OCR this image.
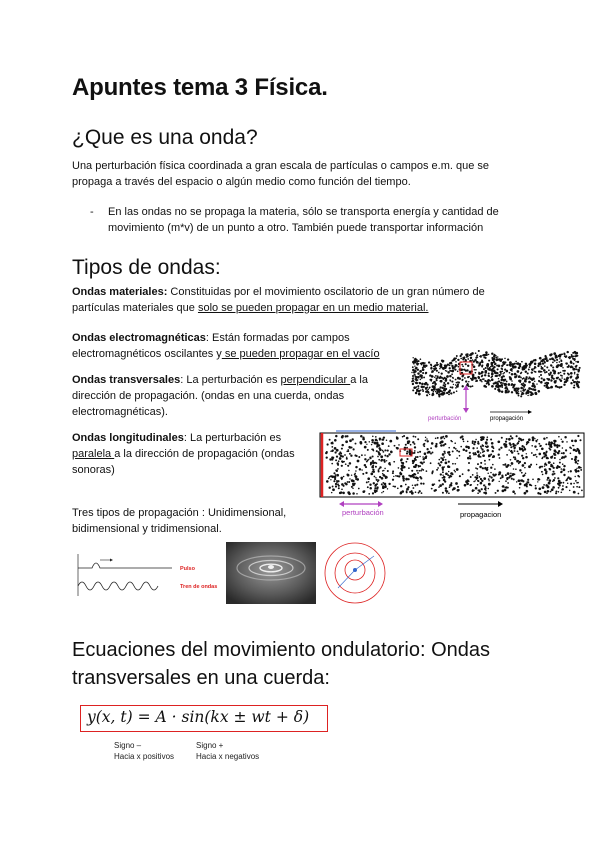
Apuntes tema 3 Física.
¿Que es una onda?
Una perturbación física coordinada a gran escala de partículas o campos e.m. que se
propaga a través del espacio o algún medio como función del tiempo.
- En las ondas no se propaga la materia, sólo se transporta energía y cantidad de
movimiento (m*v) de un punto a otro. También puede transportar información
Tipos de ondas:
Ondas materiales: Constituidas por el movimiento oscilatorio de un gran número de
partículas materiales que solo se pueden propagar en un medio material.
Ondas electromagnéticas: Están formadas por campos
electromagnéticos oscilantes y se pueden propagar en el vacío
Ondas transversales: La perturbación es perpendicular a la
dirección de propagación. (ondas en una cuerda, ondas
electromagnéticas).
Ondas longitudinales: La perturbación es
paralela a la dirección de propagación (ondas
sonoras)
Tres tipos de propagación : Unidimensional,
bidimensional y tridimensional.
perturbación	propagación
perturbación	propagacion
Pulso
Tren de ondas
Ecuaciones del movimiento ondulatorio: Ondas
transversales en una cuerda:
y(x, t) = A · sin(kx ± wt + δ)
Signo –
Hacia x positivos
Signo +
Hacia x negativos
